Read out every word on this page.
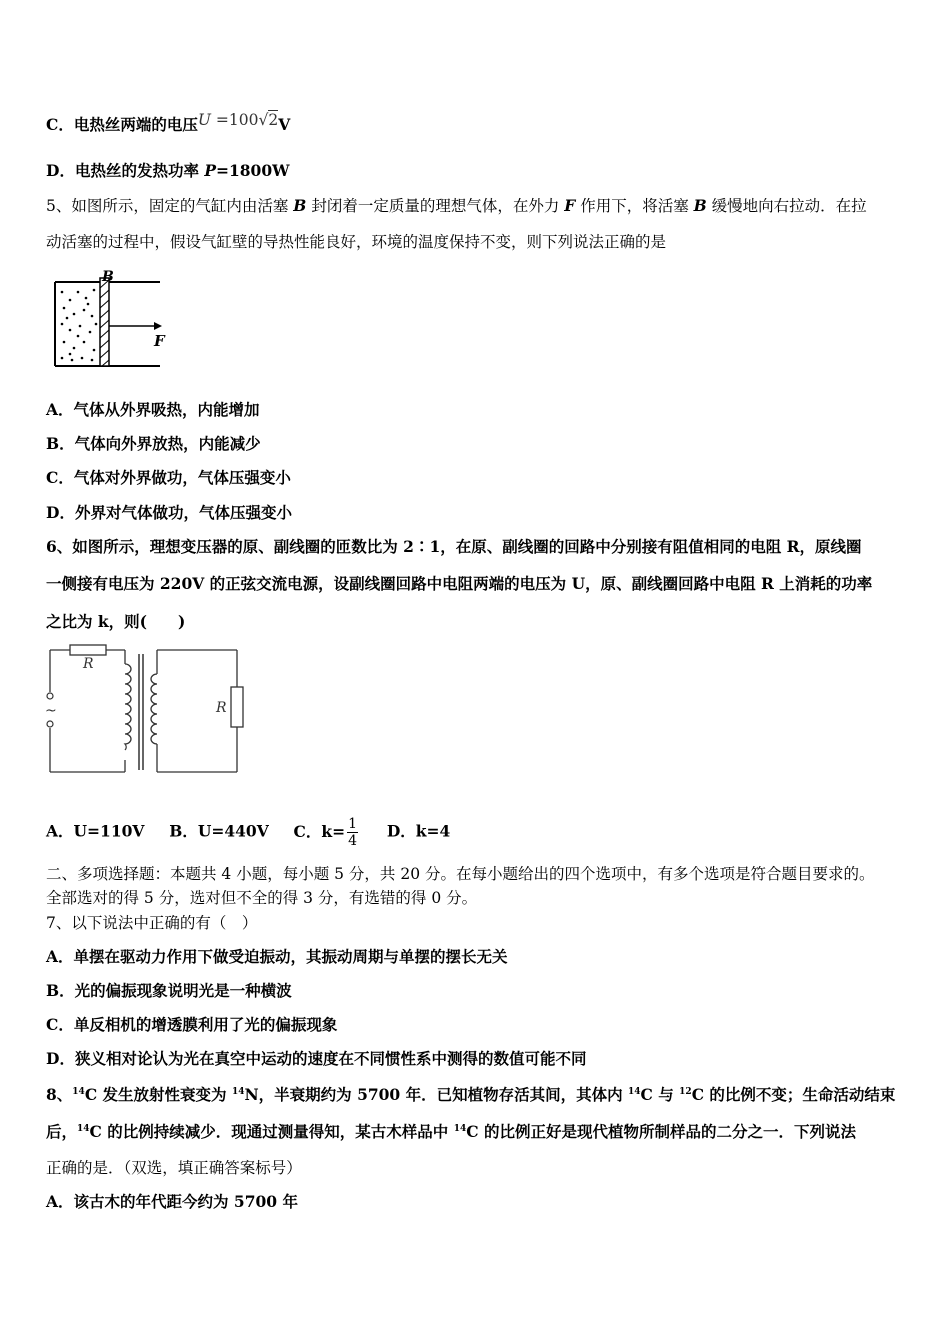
C．电热丝两端的电压U =100√2V
D．电热丝的发热功率 P=1800W
5、如图所示，固定的气缸内由活塞 B 封闭着一定质量的理想气体，在外力 F 作用下，将活塞 B 缓慢地向右拉动．在拉
动活塞的过程中，假设气缸壁的导热性能良好，环境的温度保持不变，则下列说法正确的是
B
F
A．气体从外界吸热，内能增加
B．气体向外界放热，内能减少
C．气体对外界做功，气体压强变小
D．外界对气体做功，气体压强变小
6、如图所示，理想变压器的原、副线圈的匝数比为 2∶1，在原、副线圈的回路中分别接有阻值相同的电阻 R，原线圈
一侧接有电压为 220V 的正弦交流电源，设副线圈回路中电阻两端的电压为 U，原、副线圈回路中电阻 R 上消耗的功率
之比为 k，则(　　)
~
R
R
A．U=110V B．U=440V C．$k= \frac{1}{4}$ D．k=4
二、多项选择题：本题共 4 小题，每小题 5 分，共 20 分。在每小题给出的四个选项中，有多个选项是符合题目要求的。
全部选对的得 5 分，选对但不全的得 3 分，有选错的得 0 分。
7、以下说法中正确的有（　）
A．单摆在驱动力作用下做受迫振动，其振动周期与单摆的摆长无关
B．光的偏振现象说明光是一种横波
C．单反相机的增透膜利用了光的偏振现象
D．狭义相对论认为光在真空中运动的速度在不同惯性系中测得的数值可能不同
8、$^{14}$C 发生放射性衰变为 $^{14}$N，半衰期约为 5700 年．已知植物存活其间，其体内 $^{14}$C 与 $^{12}$C 的比例不变；生命活动结束
后，$^{14}$C 的比例持续减少．现通过测量得知，某古木样品中 $^{14}$C 的比例正好是现代植物所制样品的二分之一．下列说法
正确的是．（双选，填正确答案标号）
A．该古木的年代距今约为 5700 年
